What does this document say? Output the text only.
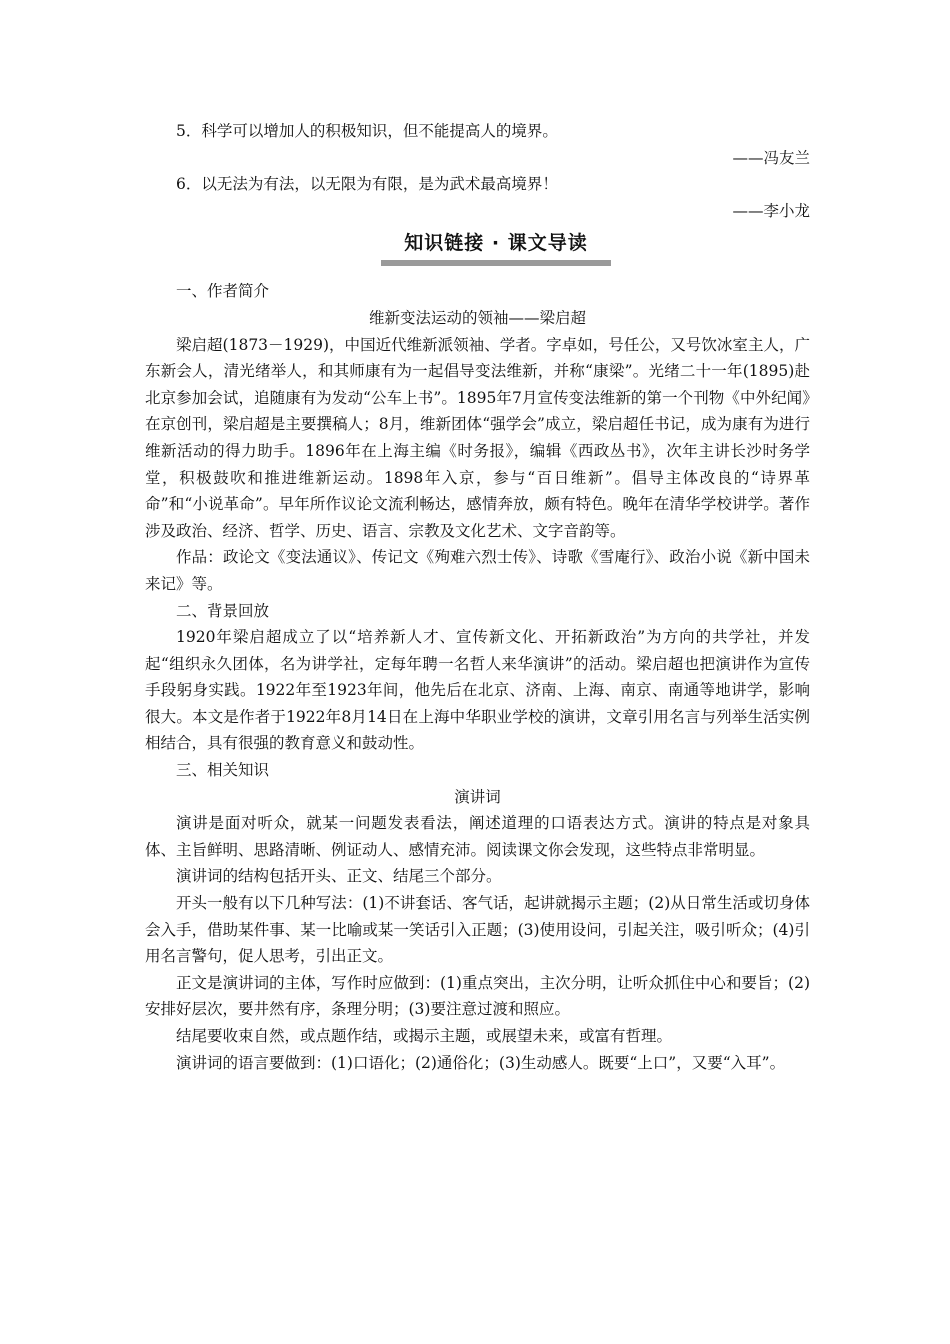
5．科学可以增加人的积极知识，但不能提高人的境界。

——冯友兰

6．以无法为有法，以无限为有限，是为武术最高境界！

——李小龙

知识链接 · 课文导读

一、作者简介

维新变法运动的领袖——梁启超

梁启超(1873－1929)，中国近代维新派领袖、学者。字卓如，号任公，又号饮冰室主人，广东新会人，清光绪举人，和其师康有为一起倡导变法维新，并称“康梁”。光绪二十一年(1895)赴北京参加会试，追随康有为发动“公车上书”。1895年7月宣传变法维新的第一个刊物《中外纪闻》在京创刊，梁启超是主要撰稿人；8月，维新团体“强学会”成立，梁启超任书记，成为康有为进行维新活动的得力助手。1896年在上海主编《时务报》，编辑《西政丛书》，次年主讲长沙时务学堂，积极鼓吹和推进维新运动。1898年入京，参与“百日维新”。倡导主体改良的“诗界革命”和“小说革命”。早年所作议论文流利畅达，感情奔放，颇有特色。晚年在清华学校讲学。著作涉及政治、经济、哲学、历史、语言、宗教及文化艺术、文字音韵等。

作品：政论文《变法通议》、传记文《殉难六烈士传》、诗歌《雪庵行》、政治小说《新中国未来记》等。

二、背景回放

1920年梁启超成立了以“培养新人才、宣传新文化、开拓新政治”为方向的共学社，并发起“组织永久团体，名为讲学社，定每年聘一名哲人来华演讲”的活动。梁启超也把演讲作为宣传手段躬身实践。1922年至1923年间，他先后在北京、济南、上海、南京、南通等地讲学，影响很大。本文是作者于1922年8月14日在上海中华职业学校的演讲，文章引用名言与列举生活实例相结合，具有很强的教育意义和鼓动性。

三、相关知识

演讲词

演讲是面对听众，就某一问题发表看法，阐述道理的口语表达方式。演讲的特点是对象具体、主旨鲜明、思路清晰、例证动人、感情充沛。阅读课文你会发现，这些特点非常明显。

演讲词的结构包括开头、正文、结尾三个部分。

开头一般有以下几种写法：(1)不讲套话、客气话，起讲就揭示主题；(2)从日常生活或切身体会入手，借助某件事、某一比喻或某一笑话引入正题；(3)使用设问，引起关注，吸引听众；(4)引用名言警句，促人思考，引出正文。

正文是演讲词的主体，写作时应做到：(1)重点突出，主次分明，让听众抓住中心和要旨；(2)安排好层次，要井然有序，条理分明；(3)要注意过渡和照应。

结尾要收束自然，或点题作结，或揭示主题，或展望未来，或富有哲理。

演讲词的语言要做到：(1)口语化；(2)通俗化；(3)生动感人。既要“上口”，又要“入耳”。
